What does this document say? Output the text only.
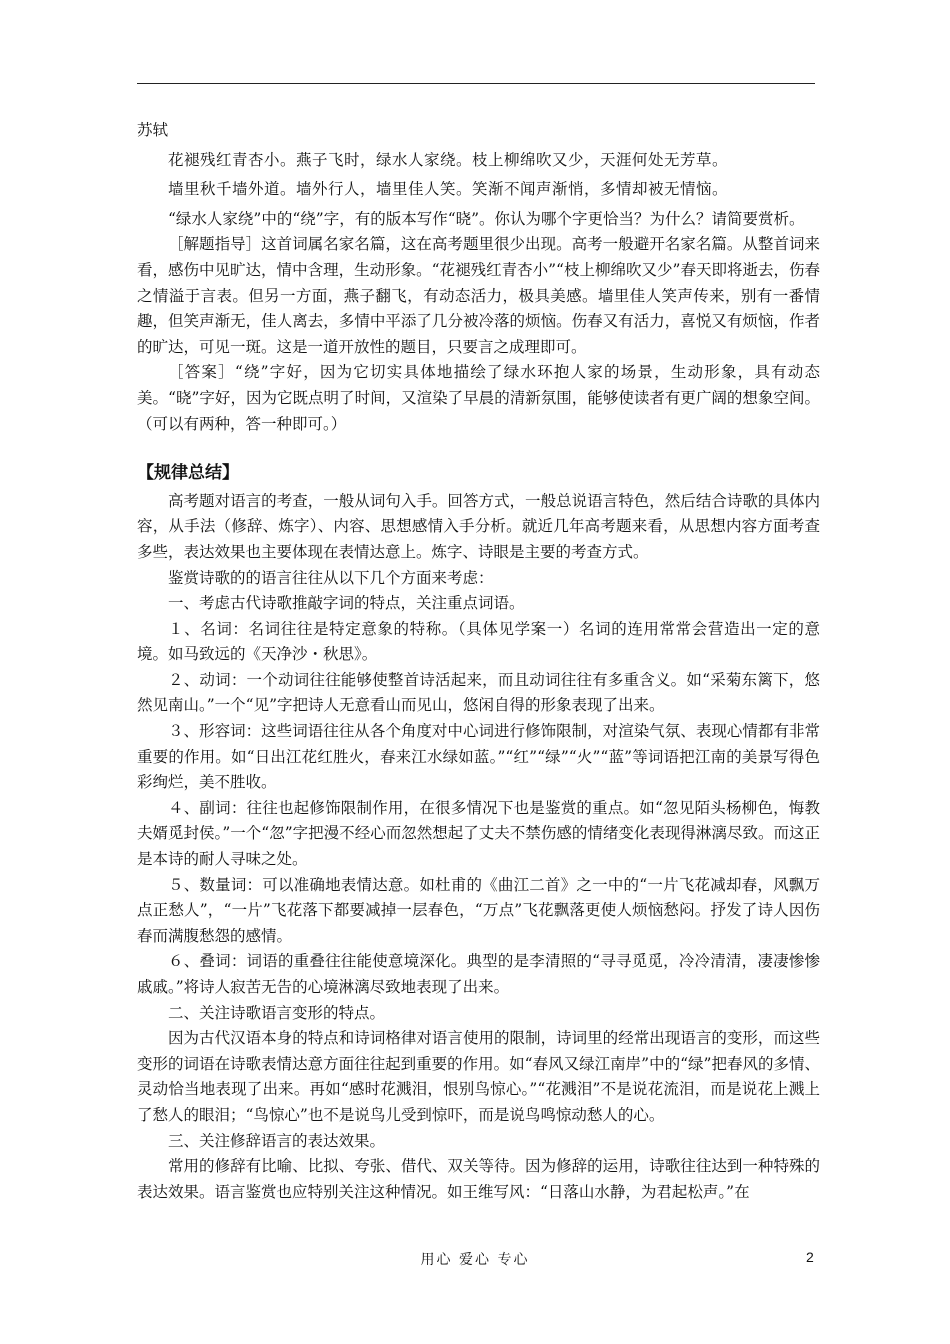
苏轼

花褪残红青杏小。燕子飞时，绿水人家绕。枝上柳绵吹又少，天涯何处无芳草。

墙里秋千墙外道。墙外行人，墙里佳人笑。笑渐不闻声渐悄，多情却被无情恼。

“绿水人家绕”中的“绕”字，有的版本写作“晓”。你认为哪个字更恰当？为什么？请简要赏析。

［解题指导］这首词属名家名篇，这在高考题里很少出现。高考一般避开名家名篇。从整首词来看，感伤中见旷达，情中含理，生动形象。“花褪残红青杏小”“枝上柳绵吹又少”春天即将逝去，伤春之情溢于言表。但另一方面，燕子翻飞，有动态活力，极具美感。墙里佳人笑声传来，别有一番情趣，但笑声渐无，佳人离去，多情中平添了几分被冷落的烦恼。伤春又有活力，喜悦又有烦恼，作者的旷达，可见一斑。这是一道开放性的题目，只要言之成理即可。

［答案］“绕”字好，因为它切实具体地描绘了绿水环抱人家的场景，生动形象，具有动态美。“晓”字好，因为它既点明了时间，又渲染了早晨的清新氛围，能够使读者有更广阔的想象空间。（可以有两种，答一种即可。）

【规律总结】

高考题对语言的考查，一般从词句入手。回答方式，一般总说语言特色，然后结合诗歌的具体内容，从手法（修辞、炼字）、内容、思想感情入手分析。就近几年高考题来看，从思想内容方面考查多些，表达效果也主要体现在表情达意上。炼字、诗眼是主要的考查方式。

鉴赏诗歌的的语言往往从以下几个方面来考虑：

一、考虑古代诗歌推敲字词的特点，关注重点词语。

１、名词：名词往往是特定意象的特称。（具体见学案一）名词的连用常常会营造出一定的意境。如马致远的《天净沙・秋思》。

２、动词：一个动词往往能够使整首诗活起来，而且动词往往有多重含义。如“采菊东篱下，悠然见南山。”一个“见”字把诗人无意看山而见山，悠闲自得的形象表现了出来。

３、形容词：这些词语往往从各个角度对中心词进行修饰限制，对渲染气氛、表现心情都有非常重要的作用。如“日出江花红胜火，春来江水绿如蓝。”“红”“绿”“火”“蓝”等词语把江南的美景写得色彩绚烂，美不胜收。

４、副词：往往也起修饰限制作用，在很多情况下也是鉴赏的重点。如“忽见陌头杨柳色，悔教夫婿觅封侯。”一个“忽”字把漫不经心而忽然想起了丈夫不禁伤感的情绪变化表现得淋漓尽致。而这正是本诗的耐人寻味之处。

５、数量词：可以准确地表情达意。如杜甫的《曲江二首》之一中的“一片飞花减却春，风飘万点正愁人”，“一片”飞花落下都要减掉一层春色，“万点”飞花飘落更使人烦恼愁闷。抒发了诗人因伤春而满腹愁怨的感情。

６、叠词：词语的重叠往往能使意境深化。典型的是李清照的“寻寻觅觅，冷冷清清，凄凄惨惨戚戚。”将诗人寂苦无告的心境淋漓尽致地表现了出来。

二、关注诗歌语言变形的特点。

因为古代汉语本身的特点和诗词格律对语言使用的限制，诗词里的经常出现语言的变形，而这些变形的词语在诗歌表情达意方面往往起到重要的作用。如“春风又绿江南岸”中的“绿”把春风的多情、灵动恰当地表现了出来。再如“感时花溅泪，恨别鸟惊心。”“花溅泪”不是说花流泪，而是说花上溅上了愁人的眼泪；“鸟惊心”也不是说鸟儿受到惊吓，而是说鸟鸣惊动愁人的心。

三、关注修辞语言的表达效果。

常用的修辞有比喻、比拟、夸张、借代、双关等待。因为修辞的运用，诗歌往往达到一种特殊的表达效果。语言鉴赏也应特别关注这种情况。如王维写风：“日落山水静，为君起松声。”在

用心 爱心 专心	2
